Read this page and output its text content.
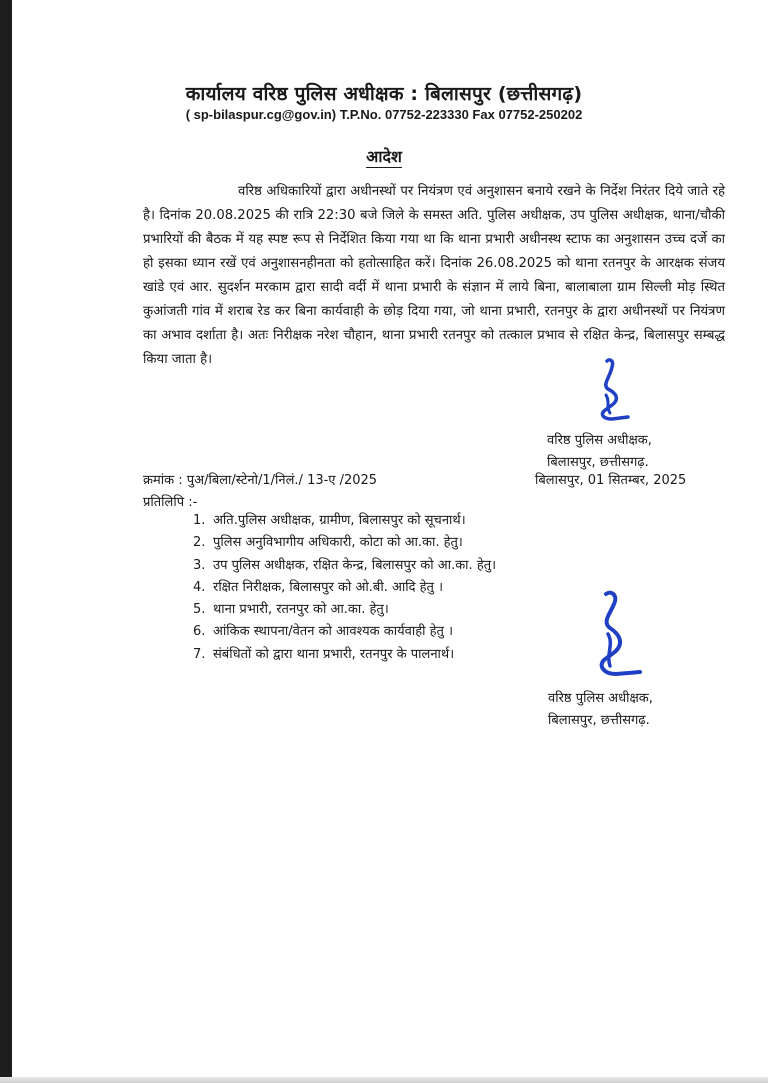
कार्यालय वरिष्ठ पुलिस अधीक्षक : बिलासपुर (छत्तीसगढ़)
( sp-bilaspur.cg@gov.in) T.P.No. 07752-223330 Fax 07752-250202
आदेश

वरिष्ठ अधिकारियों द्वारा अधीनस्थों पर नियंत्रण एवं अनुशासन बनाये रखने के निर्देश निरंतर दिये जाते रहे है। दिनांक 20.08.2025 की रात्रि 22:30 बजे जिले के समस्त अति. पुलिस अधीक्षक, उप पुलिस अधीक्षक, थाना/चौकी प्रभारियों की बैठक में यह स्पष्ट रूप से निर्देशित किया गया था कि थाना प्रभारी अधीनस्थ स्टाफ का अनुशासन उच्च दर्जे का हो इसका ध्यान रखें एवं अनुशासनहीनता को हतोत्साहित करें। दिनांक 26.08.2025 को थाना रतनपुर के आरक्षक संजय खांडे एवं आर. सुदर्शन मरकाम द्वारा सादी वर्दी में थाना प्रभारी के संज्ञान में लाये बिना, बालाबाला ग्राम सिल्ली मोड़ स्थित कुआंजती गांव में शराब रेड कर बिना कार्यवाही के छोड़ दिया गया, जो थाना प्रभारी, रतनपुर के द्वारा अधीनस्थों पर नियंत्रण का अभाव दर्शाता है। अतः निरीक्षक नरेश चौहान, थाना प्रभारी रतनपुर को तत्काल प्रभाव से रक्षित केन्द्र, बिलासपुर सम्बद्ध किया जाता है।

वरिष्ठ पुलिस अधीक्षक,
बिलासपुर, छत्तीसगढ़.
क्रमांक : पुअ/बिला/स्टेनो/1/निलं./ 13-ए /2025	बिलासपुर, 01 सितम्बर, 2025
प्रतिलिपि :-
1. अति.पुलिस अधीक्षक, ग्रामीण, बिलासपुर को सूचनार्थ।
2. पुलिस अनुविभागीय अधिकारी, कोटा को आ.का. हेतु।
3. उप पुलिस अधीक्षक, रक्षित केन्द्र, बिलासपुर को आ.का. हेतु।
4. रक्षित निरीक्षक, बिलासपुर को ओ.बी. आदि हेतु ।
5. थाना प्रभारी, रतनपुर को आ.का. हेतु।
6. आंकिक स्थापना/वेतन को आवश्यक कार्यवाही हेतु ।
7. संबंधितों को द्वारा थाना प्रभारी, रतनपुर के पालनार्थ।
वरिष्ठ पुलिस अधीक्षक,
बिलासपुर, छत्तीसगढ़.
